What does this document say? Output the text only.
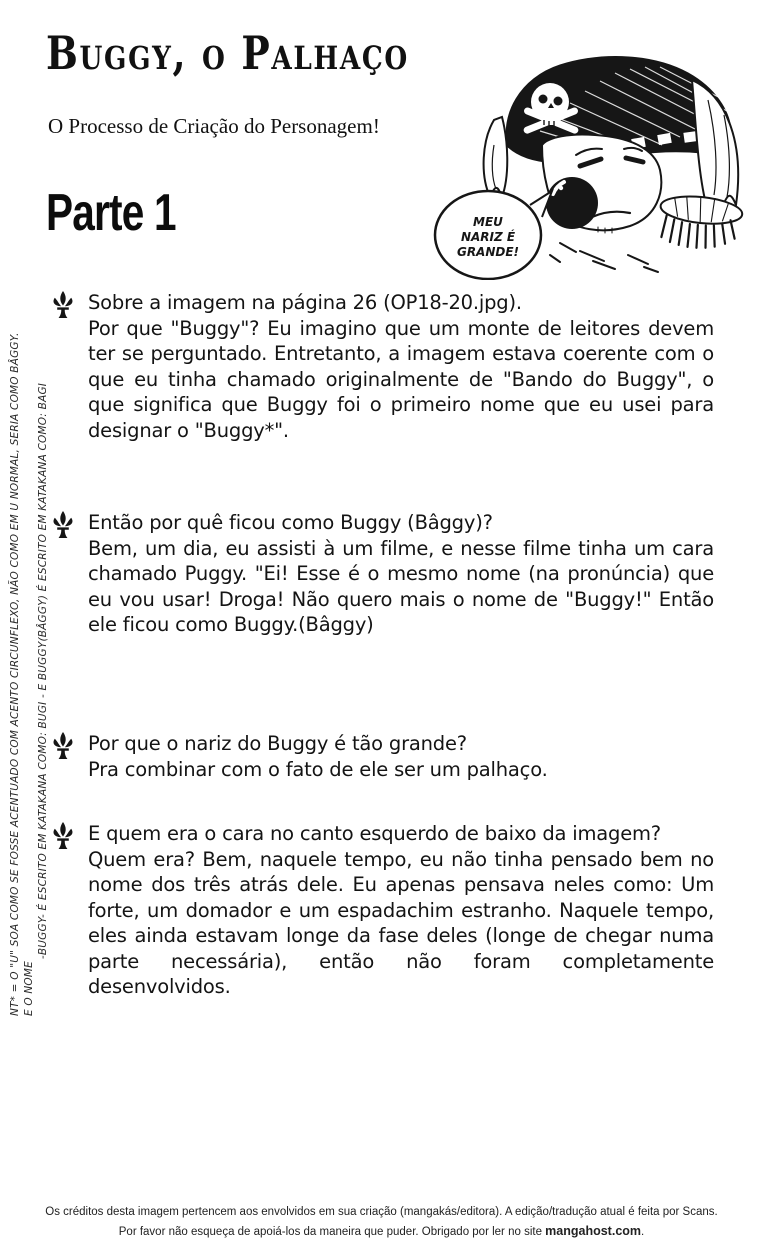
Buggy, o Palhaço
O Processo de Criação do Personagem!
Parte 1	MEU
NARIZ É
GRANDE!
Sobre a imagem na página 26 (OP18-20.jpg).
Por que "Buggy"? Eu imagino que um monte de leitores devem ter se perguntado. Entretanto, a imagem estava coerente com o que eu tinha chamado originalmente de "Bando do Buggy", o que significa que Buggy foi o primeiro nome que eu usei para designar o "Buggy*".
Então por quê ficou como Buggy (Bâggy)?
Bem, um dia, eu assisti à um filme, e nesse filme tinha um cara chamado Puggy. "Ei! Esse é o mesmo nome (na pronúncia) que eu vou usar! Droga! Não quero mais o nome de "Buggy!" Então ele ficou como Buggy.(Bâggy)
Por que o nariz do Buggy é tão grande?
Pra combinar com o fato de ele ser um palhaço.
E quem era o cara no canto esquerdo de baixo da imagem?
Quem era? Bem, naquele tempo, eu não tinha pensado bem no nome dos três atrás dele. Eu apenas pensava neles como: Um forte, um domador e um espadachim estranho. Naquele tempo, eles ainda estavam longe da fase deles (longe de chegar numa parte necessária), então não foram completamente desenvolvidos.
NT* = O "U" SOA COMO SE FOSSE ACENTUADO COM ACENTO CIRCUNFLEXO, NÃO COMO EM U NORMAL, SERIA COMO BÂGGY. E O NOME
-BUGGY- É ESCRITO EM KATAKANA COMO: BUGI - E BUGGY(BÂGGY) É ESCRITO EM KATAKANA COMO: BAGI
Os créditos desta imagem pertencem aos envolvidos em sua criação (mangakás/editora). A edição/tradução atual é feita por Scans.
Por favor não esqueça de apoiá-los da maneira que puder. Obrigado por ler no site mangahost.com.
